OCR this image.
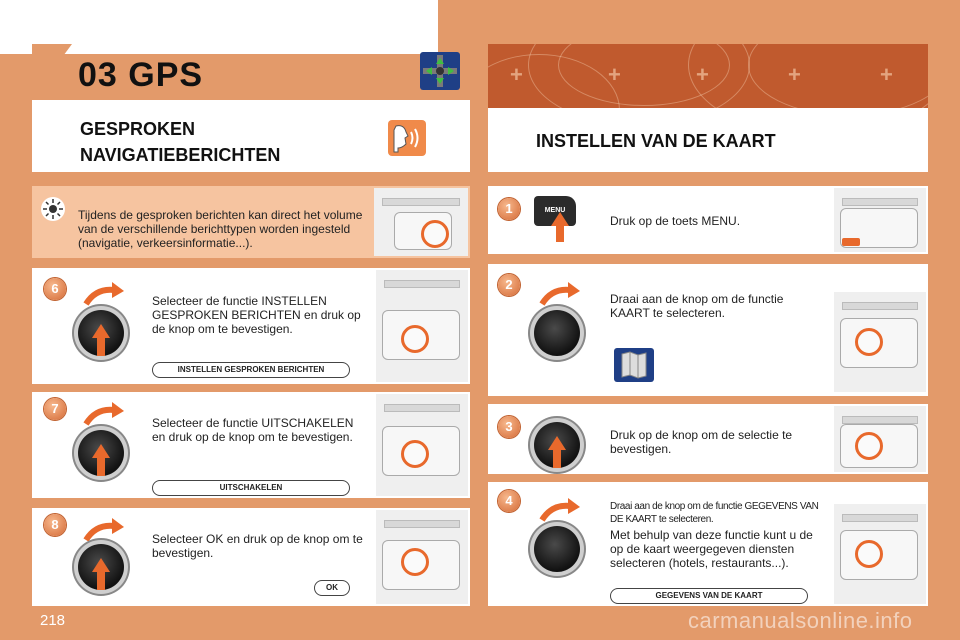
03 GPS	+	+	+	+	+
INSTELLEN VAN DE KAART
GESPROKEN
NAVIGATIEBERICHTEN
Tijdens de gesproken berichten kan direct het volume van de verschillende berichttypen worden ingesteld (navigatie, verkeersinformatie...).
6
Selecteer de functie INSTELLEN GESPROKEN BERICHTEN en druk op de knop om te bevestigen.
INSTELLEN GESPROKEN BERICHTEN
7
Selecteer de functie UITSCHAKELEN en druk op de knop om te bevestigen.
UITSCHAKELEN
8
Selecteer OK en druk op de knop om te bevestigen.
OK
1	MENU
Druk op de toets MENU.
2
Draai aan de knop om de functie KAART te selecteren.
3
Druk op de knop om de selectie te bevestigen.
4	Draai aan de knop om de functie GEGEVENS VAN DE KAART te selecteren.
Met behulp van deze functie kunt u de op de kaart weergegeven diensten selecteren (hotels, restaurants...).
GEGEVENS VAN DE KAART
218	carmanualsonline.info
